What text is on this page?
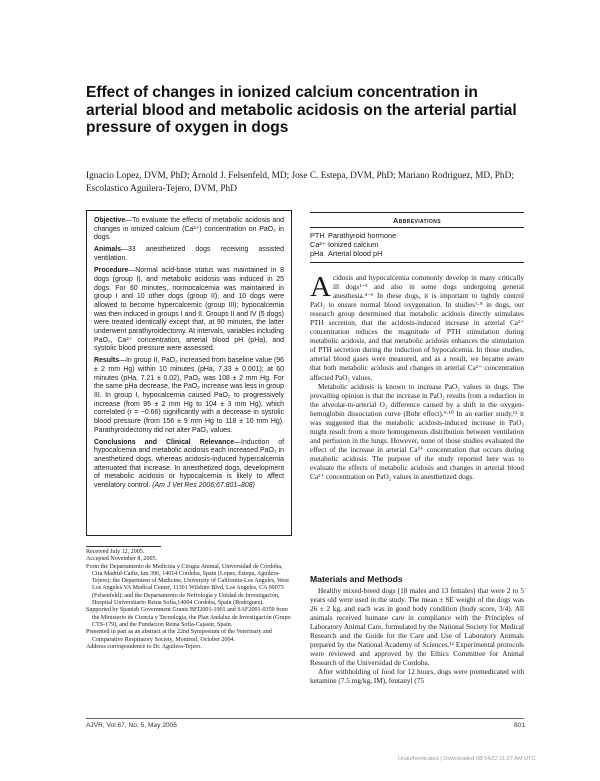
Effect of changes in ionized calcium concentration in arterial blood and metabolic acidosis on the arterial partial pressure of oxygen in dogs

Ignacio Lopez, DVM, PhD; Arnold J. Felsenfeld, MD; Jose C. Estepa, DVM, PhD; Mariano Rodriguez, MD, PhD; Escolastico Aguilera-Tejero, DVM, PhD

Objective—To evaluate the effects of metabolic acidosis and changes in ionized calcium (Ca²⁺) concentration on PaO₂ in dogs.

Animals—33 anesthetized dogs receiving assisted ventilation.

Procedure—Normal acid-base status was maintained in 8 dogs (group I), and metabolic acidosis was induced in 25 dogs. For 60 minutes, normocalcemia was maintained in group I and 10 other dogs (group II), and 10 dogs were allowed to become hypercalcemic (group III); hypocalcemia was then induced in groups I and II. Groups II and IV (5 dogs) were treated identically except that, at 90 minutes, the latter underwent parathyroidectomy. At intervals, variables including PaO₂, Ca²⁺ concentration, arterial blood pH (pHa), and systolic blood pressure were assessed.

Results—In group II, PaO₂ increased from baseline value (96 ± 2 mm Hg) within 10 minutes (pHa, 7.33 ± 0.001); at 60 minutes (pHa, 7.21 ± 0.02), PaO₂ was 108 ± 2 mm Hg. For the same pHa decrease, the PaO₂ increase was less in group III. In group I, hypocalcemia caused PaO₂ to progressively increase (from 95 ± 2 mm Hg to 104 ± 3 mm Hg), which correlated (r = −0.66) significantly with a decrease in systolic blood pressure (from 156 ± 9 mm Hg to 118 ± 10 mm Hg). Parathyroidectomy did not alter PaO₂ values.

Conclusions and Clinical Relevance—Induction of hypocalcemia and metabolic acidosis each increased PaO₂ in anesthetized dogs, whereas acidosis-induced hypercalcemia attenuated that increase. In anesthetized dogs, development of metabolic acidosis or hypocalcemia is likely to affect ventilatory control. (Am J Vet Res 2006;67:801–808)

Abbreviations
PTH Parathyroid hormone
Ca²⁺ Ionized calcium
pHa Arterial blood pH

Acidosis and hypocalcemia commonly develop in many critically ill dogs¹⁻³ and also in some dogs undergoing general anesthesia.⁴⁻⁶ In these dogs, it is important to tightly control PaO₂ to ensure normal blood oxygenation. In studies⁷·⁸ in dogs, our research group determined that metabolic acidosis directly stimulates PTH secretion, that the acidosis-induced increase in arterial Ca²⁺ concentration reduces the magnitude of PTH stimulation during metabolic acidosis, and that metabolic acidosis enhances the stimulation of PTH secretion during the induction of hypocalcemia. In those studies, arterial blood gases were measured, and as a result, we became aware that both metabolic acidosis and changes in arterial Ca²⁺ concentration affected PaO₂ values.

Metabolic acidosis is known to increase PaO₂ values in dogs. The prevailing opinion is that the increase in PaO₂ results from a reduction in the alveolar-to-arterial O₂ difference caused by a shift in the oxygen-hemoglobin dissociation curve (Bohr effect).⁹·¹⁰ In an earlier study,¹¹ it was suggested that the metabolic acidosis-induced increase in PaO₂ might result from a more homogeneous distribution between ventilation and perfusion in the lungs. However, none of those studies evaluated the effect of the increase in arterial Ca²⁺ concentration that occurs during metabolic acidosis. The purpose of the study reported here was to evaluate the effects of metabolic acidosis and changes in arterial blood Ca²⁺ concentration on PaO₂ values in anesthetized dogs.

Materials and Methods

Healthy mixed-breed dogs (18 males and 13 females) that were 2 to 5 years old were used in the study. The mean ± SE weight of the dogs was 26 ± 2 kg, and each was in good body condition (body score, 3/4). All animals received humane care in compliance with the Principles of Laboratory Animal Care, formulated by the National Society for Medical Research and the Guide for the Care and Use of Laboratory Animals prepared by the National Academy of Sciences.¹² Experimental protocols were reviewed and approved by the Ethics Committee for Animal Research of the Universidad de Cordoba.

After withholding of food for 12 hours, dogs were premedicated with ketamine (7.5 mg/kg, IM), fentanyl (75

Received July 12, 2005.

Accepted November 8, 2005.

From the Departamento de Medicina y Cirugía Animal, Universidad de Córdoba, Ctra Madrid-Cadiz, km 396, 14014 Cordoba, Spain (Lopez, Estepa, Aguilera-Tejero); the Department of Medicine, University of California-Los Angeles, West Los Angeles VA Medical Center, 11301 Wilshire Blvd, Los Angeles, CA 90073 (Felsenfeld); and the Departamento de Nefrología y Unidad de Investigación, Hospital Universitario Reina Sofía,14004 Cordoba, Spain (Rodriguez).

Supported by Spanish Government Grants BFI2001-1901 and SAF2001-0350 from the Ministerio de Ciencia y Tecnologia, the Plan Andaluz de Investigación (Grupo CTS-179), and the Fundacion Reina Sofía-Cajasur, Spain.

Presented in part as an abstract at the 22nd Symposium of the Veterinary and Comparative Respiratory Society, Montreal, October 2004.

Address correspondence to Dr. Aguilera-Tejero.

AJVR, Vol 67, No. 5, May 2006	801
Unauthenticated | Downloaded 08/14/22 11:07 AM UTC
